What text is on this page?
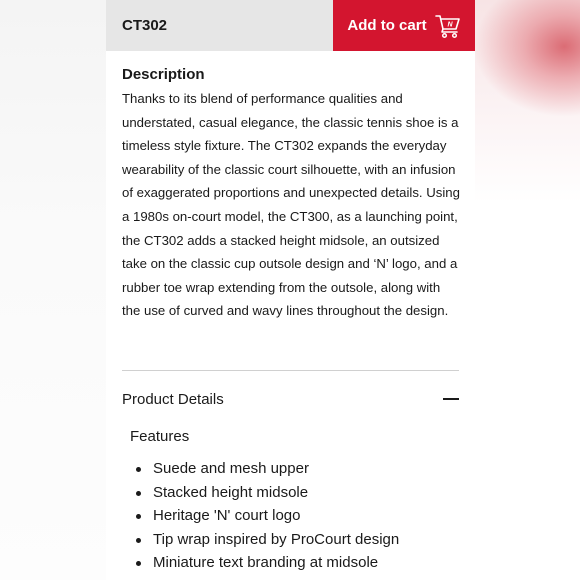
CT302	Add to cart	N
Description

Thanks to its blend of performance qualities and understated, casual elegance, the classic tennis shoe is a timeless style fixture. The CT302 expands the everyday wearability of the classic court silhouette, with an infusion of exaggerated proportions and unexpected details. Using a 1980s on-court model, the CT300, as a launching point, the CT302 adds a stacked height midsole, an outsized take on the classic cup outsole design and ‘N’ logo, and a rubber toe wrap extending from the outsole, along with the use of curved and wavy lines throughout the design.

Product Details
Features
Suede and mesh upper
Stacked height midsole
Heritage 'N' court logo
Tip wrap inspired by ProCourt design
Miniature text branding at midsole
